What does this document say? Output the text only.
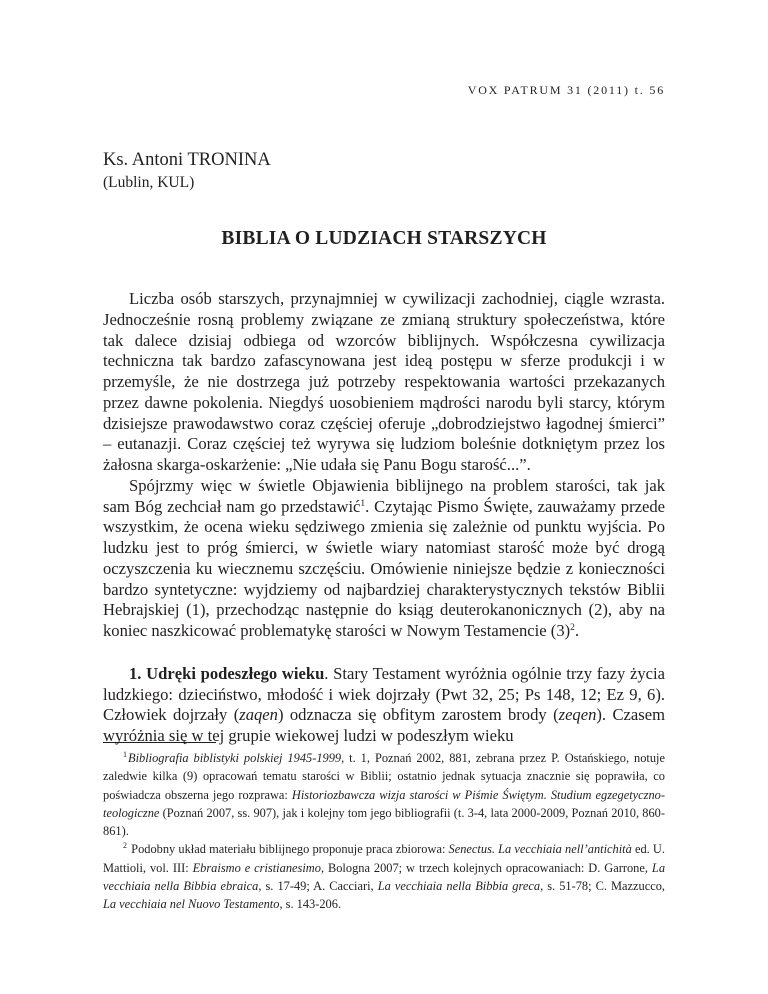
VOX PATRUM 31 (2011) t. 56
Ks. Antoni TRONINA
(Lublin, KUL)
BIBLIA O LUDZIACH STARSZYCH

Liczba osób starszych, przynajmniej w cywilizacji zachodniej, ciągle wzrasta. Jednocześnie rosną problemy związane ze zmianą struktury społeczeństwa, które tak dalece dzisiaj odbiega od wzorców biblijnych. Współczesna cywilizacja techniczna tak bardzo zafascynowana jest ideą postępu w sferze produkcji i w przemyśle, że nie dostrzega już potrzeby respektowania wartości przekazanych przez dawne pokolenia. Niegdyś uosobieniem mądrości narodu byli starcy, którym dzisiejsze prawodawstwo coraz częściej oferuje „dobrodziejstwo łagodnej śmierci” – eutanazji. Coraz częściej też wyrywa się ludziom boleśnie dotkniętym przez los żałosna skarga-oskarżenie: „Nie udała się Panu Bogu starość...”.

Spójrzmy więc w świetle Objawienia biblijnego na problem starości, tak jak sam Bóg zechciał nam go przedstawić$^1$. Czytając Pismo Święte, zauważamy przede wszystkim, że ocena wieku sędziwego zmienia się zależnie od punktu wyjścia. Po ludzku jest to próg śmierci, w świetle wiary natomiast starość może być drogą oczyszczenia ku wiecznemu szczęściu. Omówienie niniejsze będzie z konieczności bardzo syntetyczne: wyjdziemy od najbardziej charakterystycznych tekstów Biblii Hebrajskiej (1), przechodząc następnie do ksiąg deuterokanonicznych (2), aby na koniec naszkicować problematykę starości w Nowym Testamencie $(3)^2$.

1. Udręki podeszłego wieku. Stary Testament wyróżnia ogólnie trzy fazy życia ludzkiego: dzieciństwo, młodość i wiek dojrzały (Pwt 32, 25; Ps 148, 12; Ez 9, 6). Człowiek dojrzały (zaqen) odznacza się obfitym zarostem brody (zeqen). Czasem wyróżnia się w tej grupie wiekowej ludzi w podeszłym wieku

$^1$Bibliografia biblistyki polskiej 1945-1999, t. 1, Poznań 2002, 881, zebrana przez P. Ostańskiego, notuje zaledwie kilka (9) opracowań tematu starości w Biblii; ostatnio jednak sytuacja znacznie się poprawiła, co poświadcza obszerna jego rozprawa: Historiozbawcza wizja starości w Piśmie Świętym. Studium egzegetyczno-teologiczne (Poznań 2007, ss. 907), jak i kolejny tom jego bibliografii (t. 3-4, lata 2000-2009, Poznań 2010, 860-861).

$^2$ Podobny układ materiału biblijnego proponuje praca zbiorowa: Senectus. La vecchiaia nell’antichità ed. U. Mattioli, vol. III: Ebraismo e cristianesimo, Bologna 2007; w trzech kolejnych opracowaniach: D. Garrone, La vecchiaia nella Bibbia ebraica, s. 17-49; A. Cacciari, La vecchiaia nella Bibbia greca, s. 51-78; C. Mazzucco, La vecchiaia nel Nuovo Testamento, s. 143-206.
